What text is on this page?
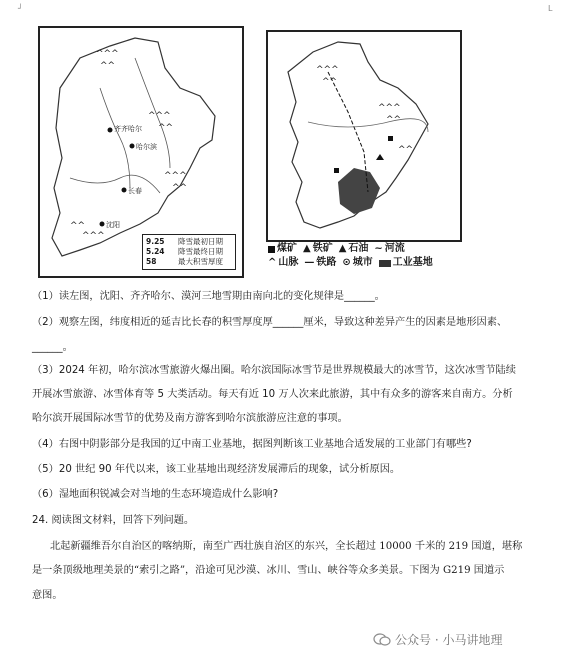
┘	L
^^^
^^
^^^
^^
^^^
^^
^^
^^^
齐齐哈尔
哈尔滨
长春
沈阳
9.25	降雪最初日期
5.24	降雪最终日期
58	最大积雪厚度
^^^
^^
^^^
^^
^^
煤矿 ▲ 铁矿 ▲ 石油 ~ 河流
^ 山脉 — 铁路 ⊙ 城市 工业基地
（1）读左图，沈阳、齐齐哈尔、漠河三地雪期由南向北的变化规律是______。
（2）观察左图，纬度相近的延吉比长春的积雪厚度厚______厘米，导致这种差异产生的因素是地形因素、
______。
（3）2024 年初，哈尔滨冰雪旅游火爆出圈。哈尔滨国际冰雪节是世界规模最大的冰雪节，这次冰雪节陆续
开展冰雪旅游、冰雪体育等 5 大类活动。每天有近 10 万人次来此旅游，其中有众多的游客来自南方。分析
哈尔滨开展国际冰雪节的优势及南方游客到哈尔滨旅游应注意的事项。
（4）右图中阴影部分是我国的辽中南工业基地，据图判断该工业基地合适发展的工业部门有哪些?
（5）20 世纪 90 年代以来，该工业基地出现经济发展滞后的现象，试分析原因。
（6）湿地面积锐减会对当地的生态环境造成什么影响?
24. 阅读图文材料，回答下列问题。
北起新疆维吾尔自治区的喀纳斯，南至广西壮族自治区的东兴，全长超过 10000 千米的 219 国道，堪称
是一条顶级地理美景的“索引之路”，沿途可见沙漠、冰川、雪山、峡谷等众多美景。下图为 G219 国道示
意图。
公众号 · 小马讲地理
